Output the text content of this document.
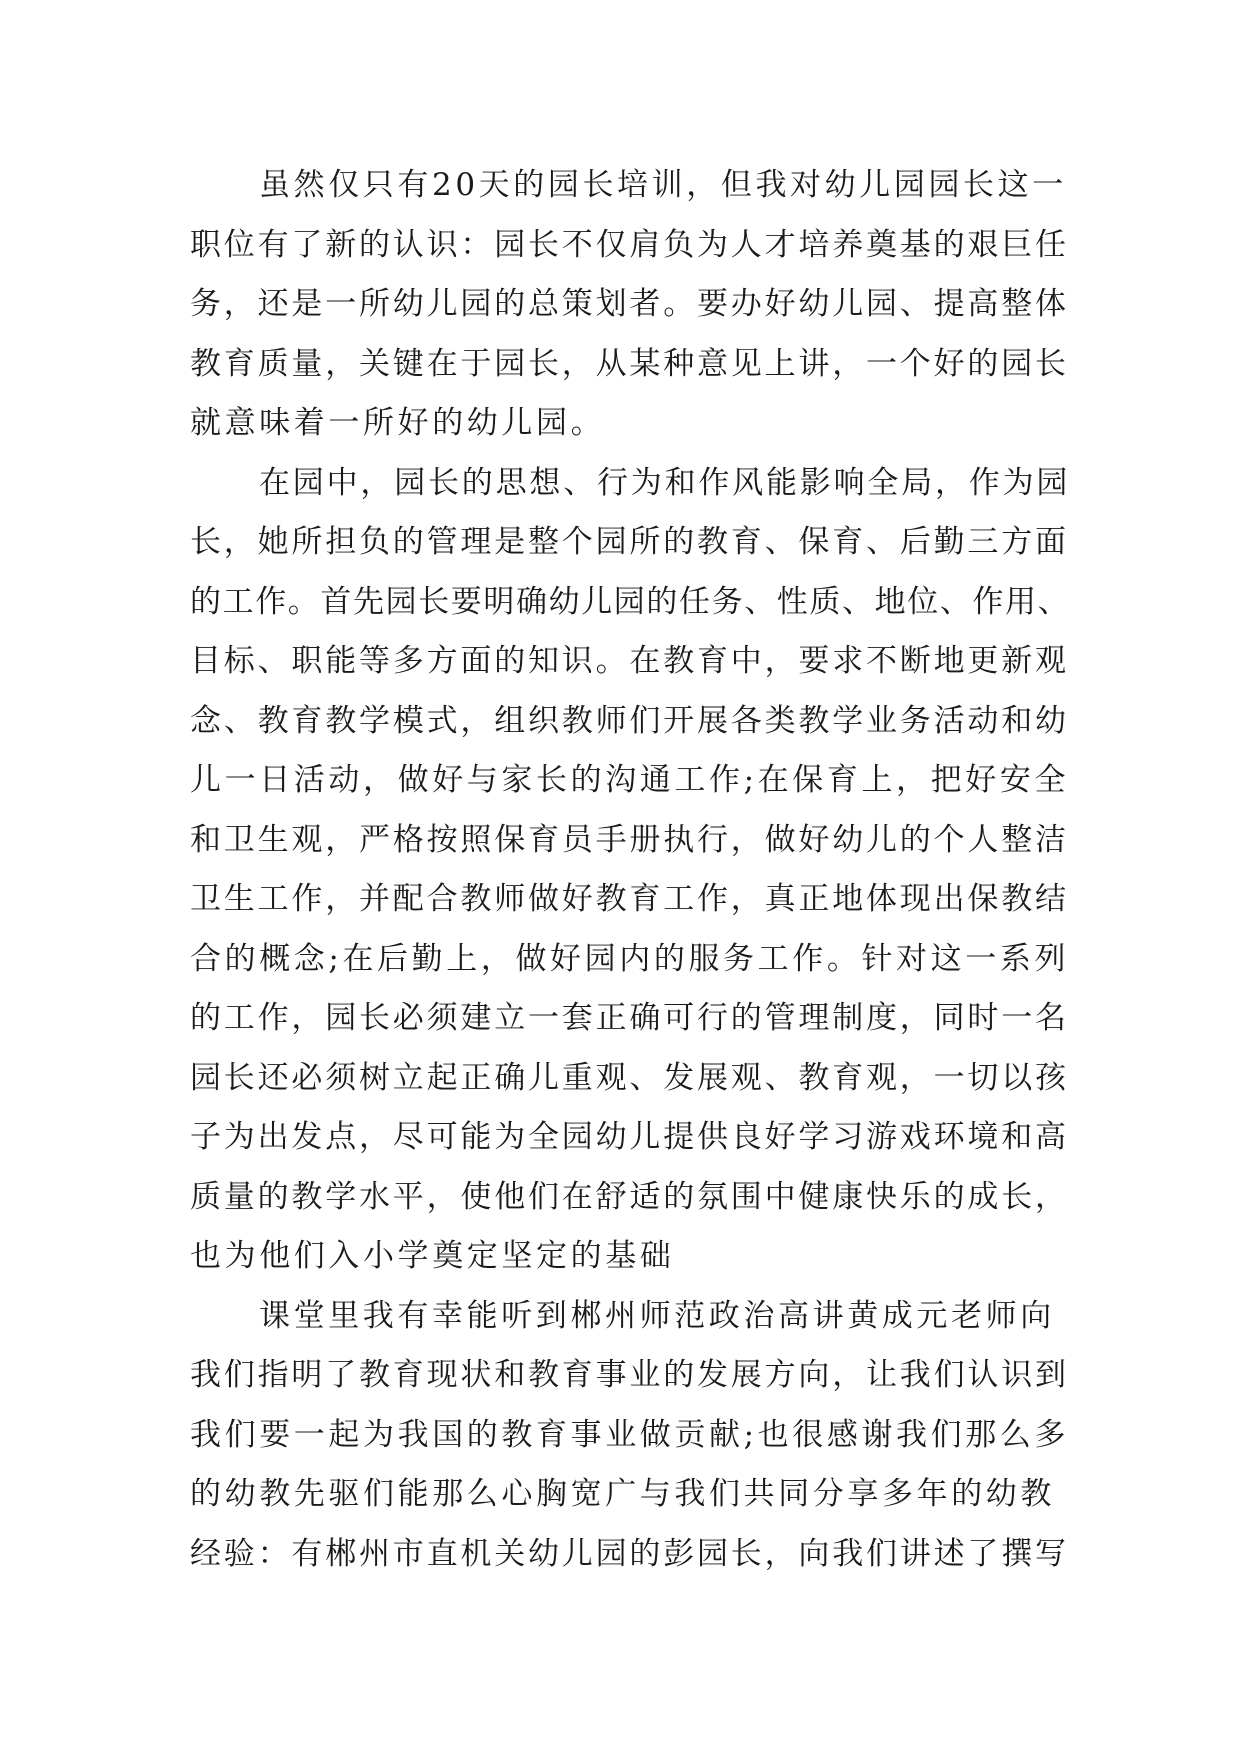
虽然仅只有20天的园长培训，但我对幼儿园园长这一
职位有了新的认识：园长不仅肩负为人才培养奠基的艰巨任
务，还是一所幼儿园的总策划者。要办好幼儿园、提高整体
教育质量，关键在于园长，从某种意见上讲，一个好的园长
就意味着一所好的幼儿园。
在园中，园长的思想、行为和作风能影响全局，作为园
长，她所担负的管理是整个园所的教育、保育、后勤三方面
的工作。首先园长要明确幼儿园的任务、性质、地位、作用、
目标、职能等多方面的知识。在教育中，要求不断地更新观
念、教育教学模式，组织教师们开展各类教学业务活动和幼
儿一日活动，做好与家长的沟通工作;在保育上，把好安全
和卫生观，严格按照保育员手册执行，做好幼儿的个人整洁
卫生工作，并配合教师做好教育工作，真正地体现出保教结
合的概念;在后勤上，做好园内的服务工作。针对这一系列
的工作，园长必须建立一套正确可行的管理制度，同时一名
园长还必须树立起正确儿重观、发展观、教育观，一切以孩
子为出发点，尽可能为全园幼儿提供良好学习游戏环境和高
质量的教学水平，使他们在舒适的氛围中健康快乐的成长，
也为他们入小学奠定坚定的基础
课堂里我有幸能听到郴州师范政治高讲黄成元老师向
我们指明了教育现状和教育事业的发展方向，让我们认识到
我们要一起为我国的教育事业做贡献;也很感谢我们那么多
的幼教先驱们能那么心胸宽广与我们共同分享多年的幼教
经验：有郴州市直机关幼儿园的彭园长，向我们讲述了撰写
